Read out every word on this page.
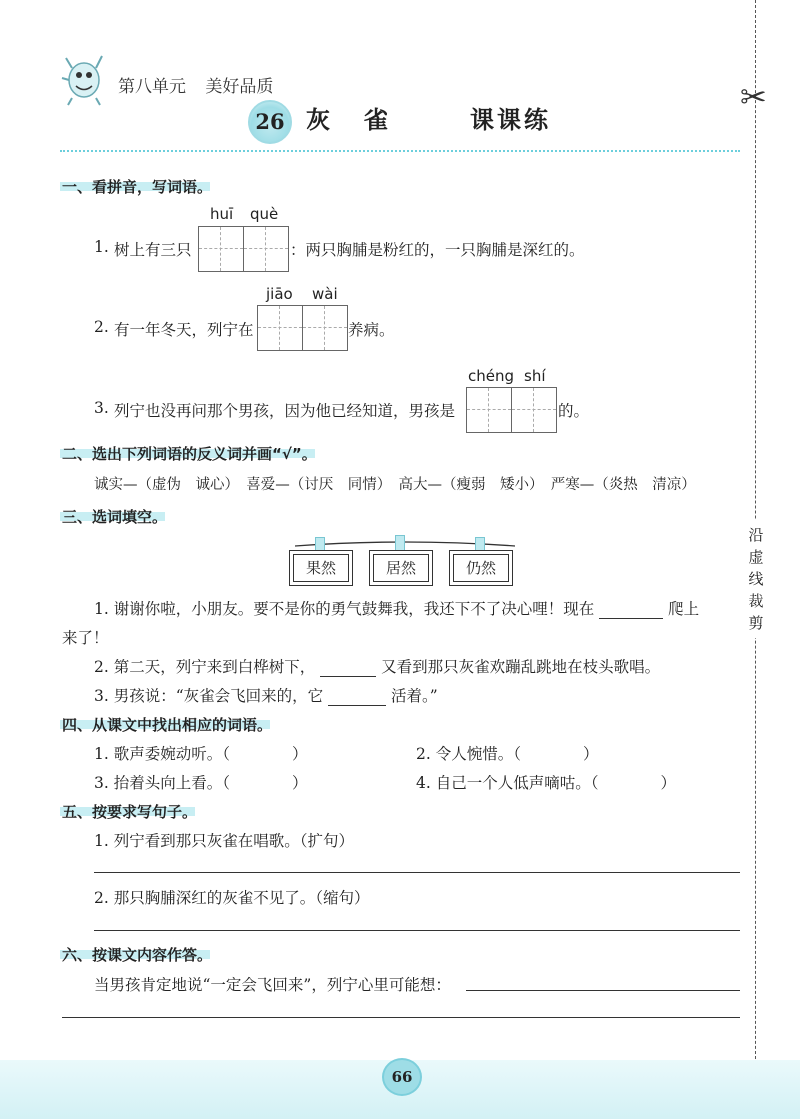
第八单元 美好品质
26 灰雀 课课练
✂
沿虚线裁剪
一、看拼音，写词语。
huī què
1. 树上有三只	：两只胸脯是粉红的，一只胸脯是深红的。
jiāo wài
2. 有一年冬天，列宁在	养病。
chéng shí
3. 列宁也没再问那个男孩，因为他已经知道，男孩是	的。
二、选出下列词语的反义词并画“√”。
诚实—（虚伪　诚心）　喜爱—（讨厌　同情）　高大—（瘦弱　矮小）　严寒—（炎热　清凉）
三、选词填空。
果然	居然	仍然
1. 谢谢你啦，小朋友。要不是你的勇气鼓舞我，我还下不了决心哩！现在	爬上
来了！
2. 第二天，列宁来到白桦树下，	又看到那只灰雀欢蹦乱跳地在枝头歌唱。
3. 男孩说：“灰雀会飞回来的，它	活着。”
四、从课文中找出相应的词语。
1. 歌声委婉动听。（　　　　）	2. 令人惋惜。（　　　　）
3. 抬着头向上看。（　　　　）	4. 自己一个人低声嘀咕。（　　　　）
五、按要求写句子。
1. 列宁看到那只灰雀在唱歌。（扩句）
2. 那只胸脯深红的灰雀不见了。（缩句）
六、按课文内容作答。
当男孩肯定地说“一定会飞回来”，列宁心里可能想：
66
